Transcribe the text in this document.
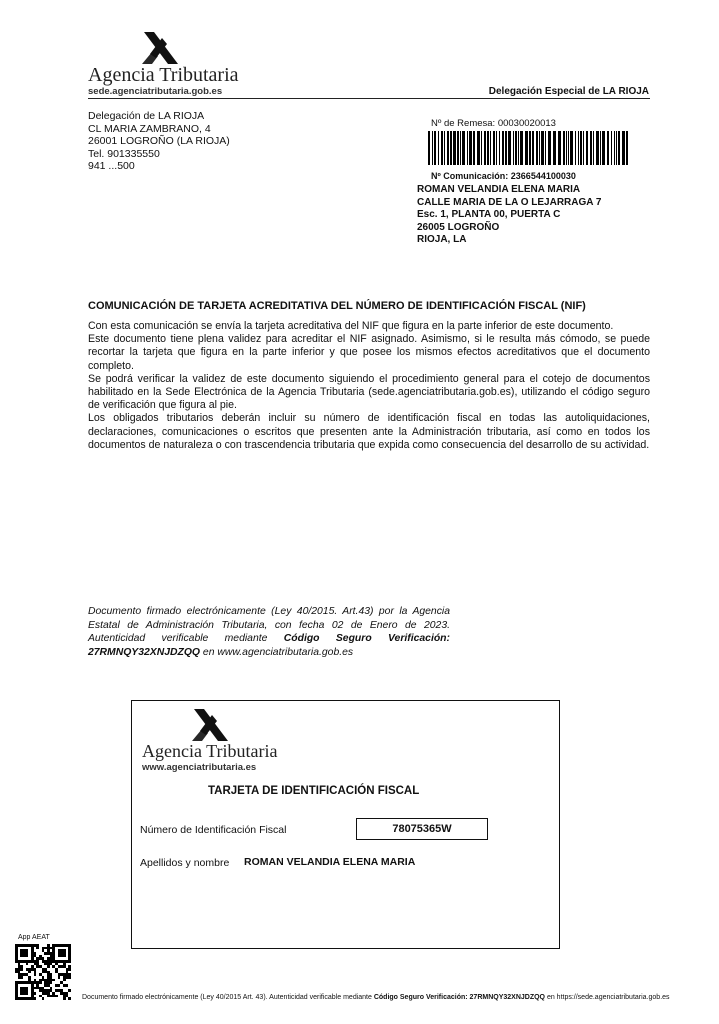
Agencia Tributaria
sede.agenciatributaria.gob.es	Delegación Especial de LA RIOJA
Delegación de LA RIOJA
CL MARIA ZAMBRANO, 4
26001 LOGROÑO (LA RIOJA)
Tel. 901335550
941 ...500
Nº de Remesa: 00030020013
Nº Comunicación: 2366544100030
ROMAN VELANDIA ELENA MARIA
CALLE MARIA DE LA O LEJARRAGA 7
Esc. 1, PLANTA 00, PUERTA C
26005 LOGROÑO
RIOJA, LA
COMUNICACIÓN DE TARJETA ACREDITATIVA DEL NÚMERO DE IDENTIFICACIÓN FISCAL (NIF)

Con esta comunicación se envía la tarjeta acreditativa del NIF que figura en la parte inferior de este documento.

Este documento tiene plena validez para acreditar el NIF asignado. Asimismo, si le resulta más cómodo, se puede recortar la tarjeta que figura en la parte inferior y que posee los mismos efectos acreditativos que el documento completo.

Se podrá verificar la validez de este documento siguiendo el procedimiento general para el cotejo de documentos habilitado en la Sede Electrónica de la Agencia Tributaria (sede.agenciatributaria.gob.es), utilizando el código seguro de verificación que figura al pie.

Los obligados tributarios deberán incluir su número de identificación fiscal en todas las autoliquidaciones, declaraciones, comunicaciones o escritos que presenten ante la Administración tributaria, así como en todos los documentos de naturaleza o con trascendencia tributaria que expida como consecuencia del desarrollo de su actividad.

Documento firmado electrónicamente (Ley 40/2015. Art.43) por la Agencia Estatal de Administración Tributaria, con fecha 02 de Enero de 2023. Autenticidad verificable mediante Código Seguro Verificación: 27RMNQY32XNJDZQQ en www.agenciatributaria.gob.es
Agencia Tributaria
www.agenciatributaria.es
TARJETA DE IDENTIFICACIÓN FISCAL
Número de Identificación Fiscal	78075365W
Apellidos y nombre ROMAN VELANDIA ELENA MARIA
App AEAT
Documento firmado electrónicamente (Ley 40/2015 Art. 43). Autenticidad verificable mediante Código Seguro Verificación: 27RMNQY32XNJDZQQ en https://sede.agenciatributaria.gob.es
